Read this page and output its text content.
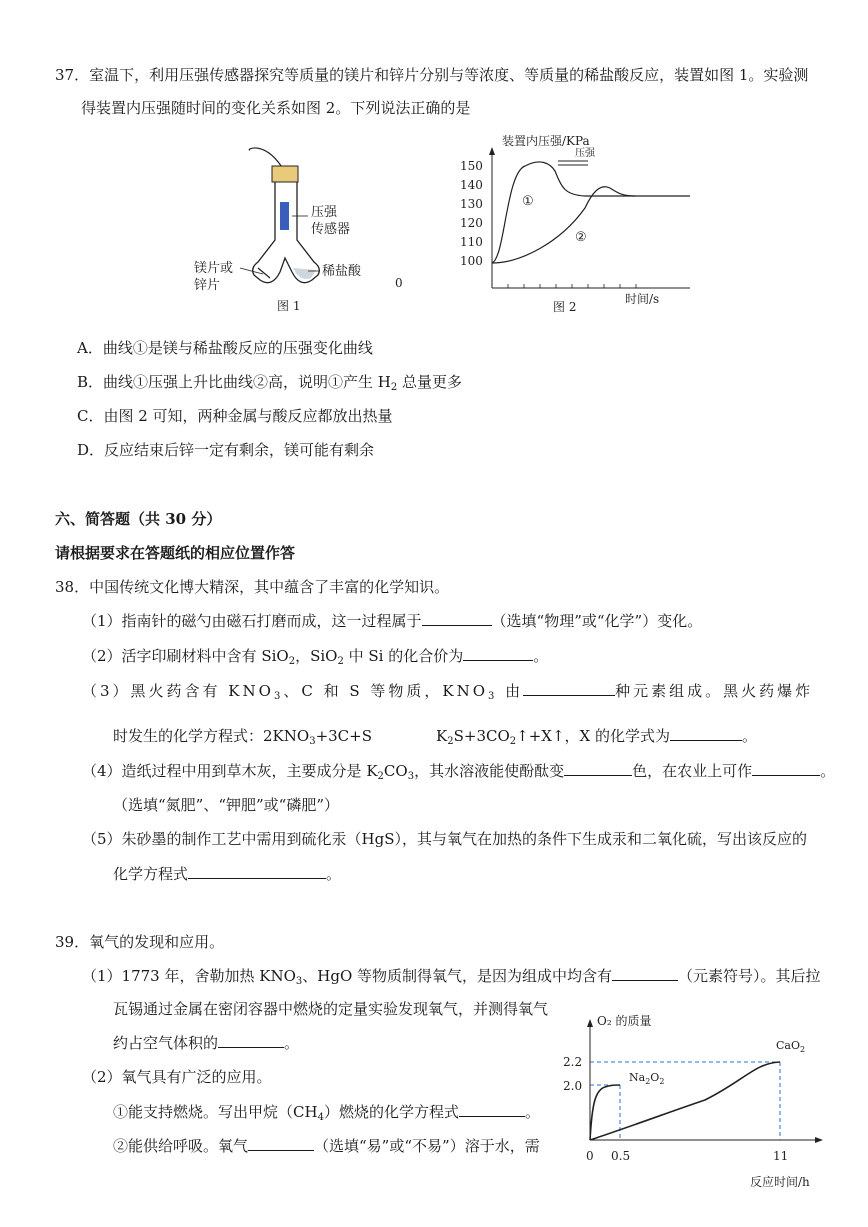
37．室温下，利用压强传感器探究等质量的镁片和锌片分别与等浓度、等质量的稀盐酸反应，装置如图 1。实验测
得装置内压强随时间的变化关系如图 2。下列说法正确的是
压强
传感器
镁片或
锌片
稀盐酸
图 1
0
装置内压强/KPa
压强
150
140
130
120
110
100
①
②
时间/s
图 2
A．曲线①是镁与稀盐酸反应的压强变化曲线
B．曲线①压强上升比曲线②高，说明①产生 $H_2$ 总量更多
C．由图 2 可知，两种金属与酸反应都放出热量
D．反应结束后锌一定有剩余，镁可能有剩余
六、简答题（共 30 分）
请根据要求在答题纸的相应位置作答
38．中国传统文化博大精深，其中蕴含了丰富的化学知识。
（1）指南针的磁勺由磁石打磨而成，这一过程属于	（选填“物理”或“化学”）变化。
（2）活字印刷材料中含有 SiO$_2$，SiO$_2$ 中 Si 的化合价为	。
（3）黑火药含有 $KNO_3$、C 和 S 等物质，$KNO_3$ 由	种元素组成。黑火药爆炸
时发生的化学方程式：$2KNO_3+3C+S$	$K_2S+3CO_2↑+X↑$，X 的化学式为	。
（4）造纸过程中用到草木灰，主要成分是 $K_2CO_3$，其水溶液能使酚酞变	色，在农业上可作	。
（选填“氮肥”、“钾肥”或“磷肥”）
（5）朱砂墨的制作工艺中需用到硫化汞（HgS），其与氧气在加热的条件下生成汞和二氧化硫，写出该反应的
化学方程式	。
39．氧气的发现和应用。
（1）1773 年，舍勒加热 $KNO_3$、HgO 等物质制得氧气，是因为组成中均含有	（元素符号）。其后拉
瓦锡通过金属在密闭容器中燃烧的定量实验发现氧气，并测得氧气
约占空气体积的	。
（2）氧气具有广泛的应用。
①能支持燃烧。写出甲烷$(CH_4)$燃烧的化学方程式	。
②能供给呼吸。氧气	（选填“易”或“不易”）溶于水，需
O₂ 的质量
2.2
2.0
0 0.5	11
$Na_2O_2$
CaO$_2$
反应时间/h
